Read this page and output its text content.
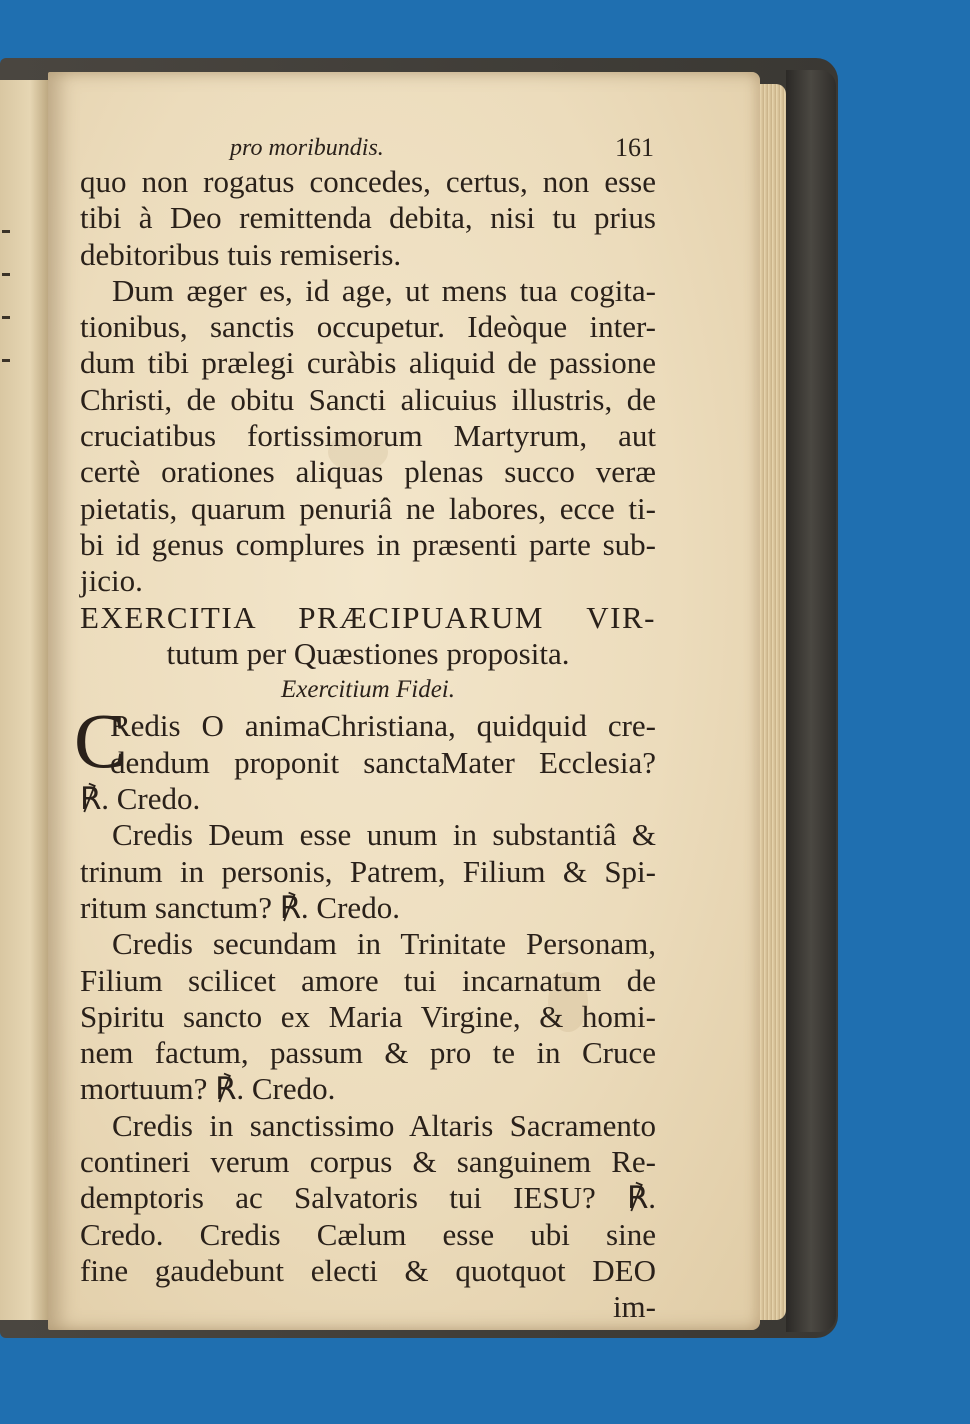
pro moribundis.	161
quo non rogatus concedes, certus, non esse
tibi à Deo remittenda debita, nisi tu prius
debitoribus tuis remiseris.
Dum æger es, id age, ut mens tua cogita-
tionibus, sanctis occupetur. Ideòque inter-
dum tibi prælegi curàbis aliquid de passione
Christi, de obitu Sancti alicuius illustris, de
cruciatibus fortissimorum Martyrum, aut
certè orationes aliquas plenas succo veræ
pietatis, quarum penuriâ ne labores, ecce ti-
bi id genus complures in præsenti parte sub-
jicio.
EXERCITIA PRÆCIPUARUM VIR-
tutum per Quæstiones proposita.
Exercitium Fidei.
C
Redis O animaChristiana, quidquid cre-
dendum proponit sanctaMater Ecclesia?
℟. Credo.
Credis Deum esse unum in substantiâ &
trinum in personis, Patrem, Filium & Spi-
ritum sanctum? ℟. Credo.
Credis secundam in Trinitate Personam,
Filium scilicet amore tui incarnatum de
Spiritu sancto ex Maria Virgine, & homi-
nem factum, passum & pro te in Cruce
mortuum? ℟. Credo.
Credis in sanctissimo Altaris Sacramento
contineri verum corpus & sanguinem Re-
demptoris ac Salvatoris tui IESU? ℟.
Credo. Credis Cælum esse ubi sine
fine gaudebunt electi & quotquot DEO
im-
